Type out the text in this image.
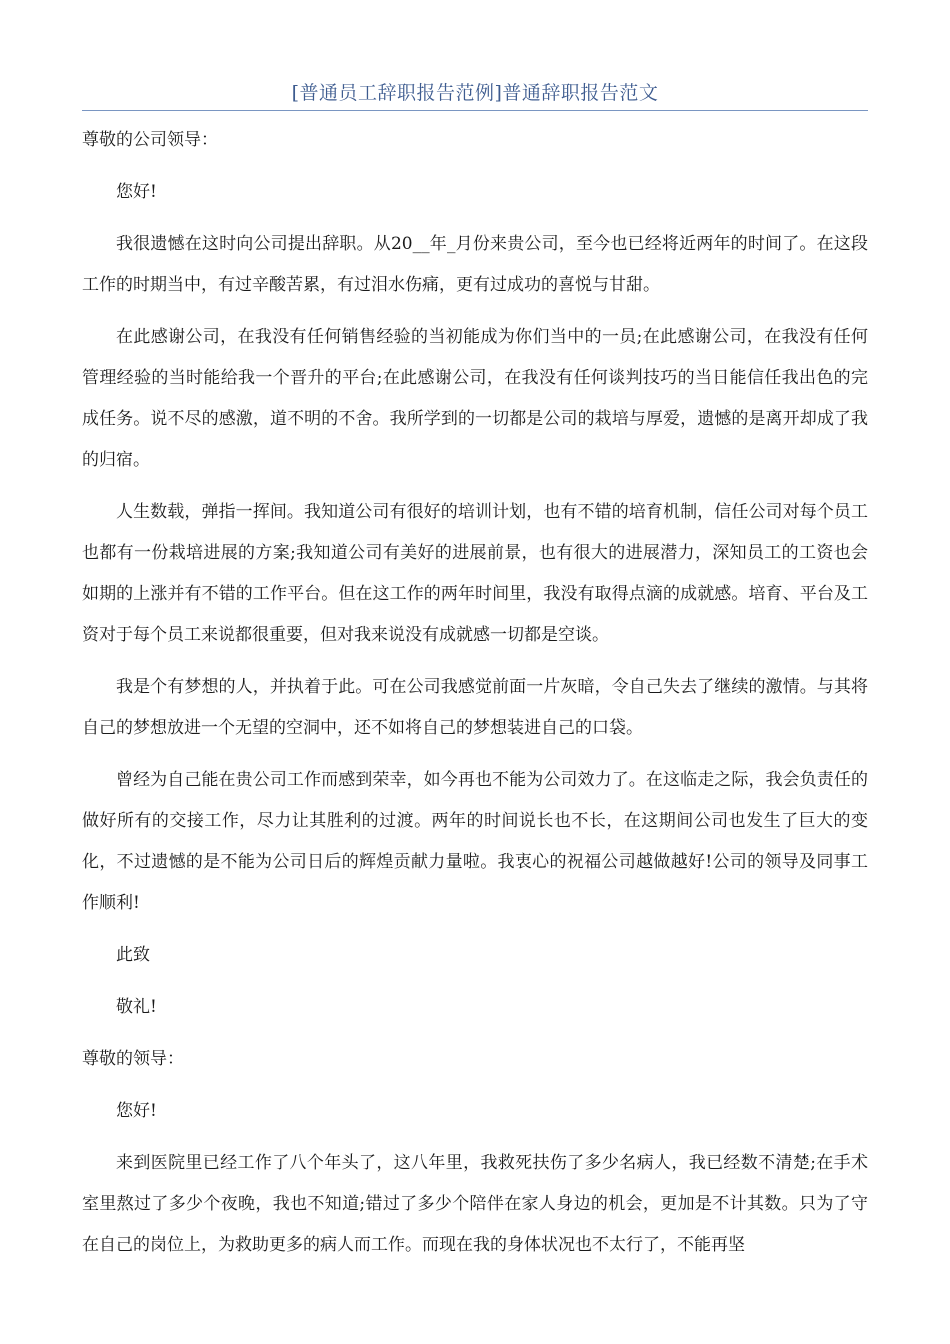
[普通员工辞职报告范例]普通辞职报告范文

尊敬的公司领导：

您好!

我很遗憾在这时向公司提出辞职。从20__年_月份来贵公司，至今也已经将近两年的时间了。在这段工作的时期当中，有过辛酸苦累，有过泪水伤痛，更有过成功的喜悦与甘甜。

在此感谢公司，在我没有任何销售经验的当初能成为你们当中的一员;在此感谢公司，在我没有任何管理经验的当时能给我一个晋升的平台;在此感谢公司，在我没有任何谈判技巧的当日能信任我出色的完成任务。说不尽的感激，道不明的不舍。我所学到的一切都是公司的栽培与厚爱，遗憾的是离开却成了我的归宿。

人生数载，弹指一挥间。我知道公司有很好的培训计划，也有不错的培育机制，信任公司对每个员工也都有一份栽培进展的方案;我知道公司有美好的进展前景，也有很大的进展潜力，深知员工的工资也会如期的上涨并有不错的工作平台。但在这工作的两年时间里，我没有取得点滴的成就感。培育、平台及工资对于每个员工来说都很重要，但对我来说没有成就感一切都是空谈。

我是个有梦想的人，并执着于此。可在公司我感觉前面一片灰暗，令自己失去了继续的激情。与其将自己的梦想放进一个无望的空洞中，还不如将自己的梦想装进自己的口袋。

曾经为自己能在贵公司工作而感到荣幸，如今再也不能为公司效力了。在这临走之际，我会负责任的做好所有的交接工作，尽力让其胜利的过渡。两年的时间说长也不长，在这期间公司也发生了巨大的变化，不过遗憾的是不能为公司日后的辉煌贡献力量啦。我衷心的祝福公司越做越好!公司的领导及同事工作顺利!

此致

敬礼!

尊敬的领导：

您好!

来到医院里已经工作了八个年头了，这八年里，我救死扶伤了多少名病人，我已经数不清楚;在手术室里熬过了多少个夜晚，我也不知道;错过了多少个陪伴在家人身边的机会，更加是不计其数。只为了守在自己的岗位上，为救助更多的病人而工作。而现在我的身体状况也不太行了，不能再坚
